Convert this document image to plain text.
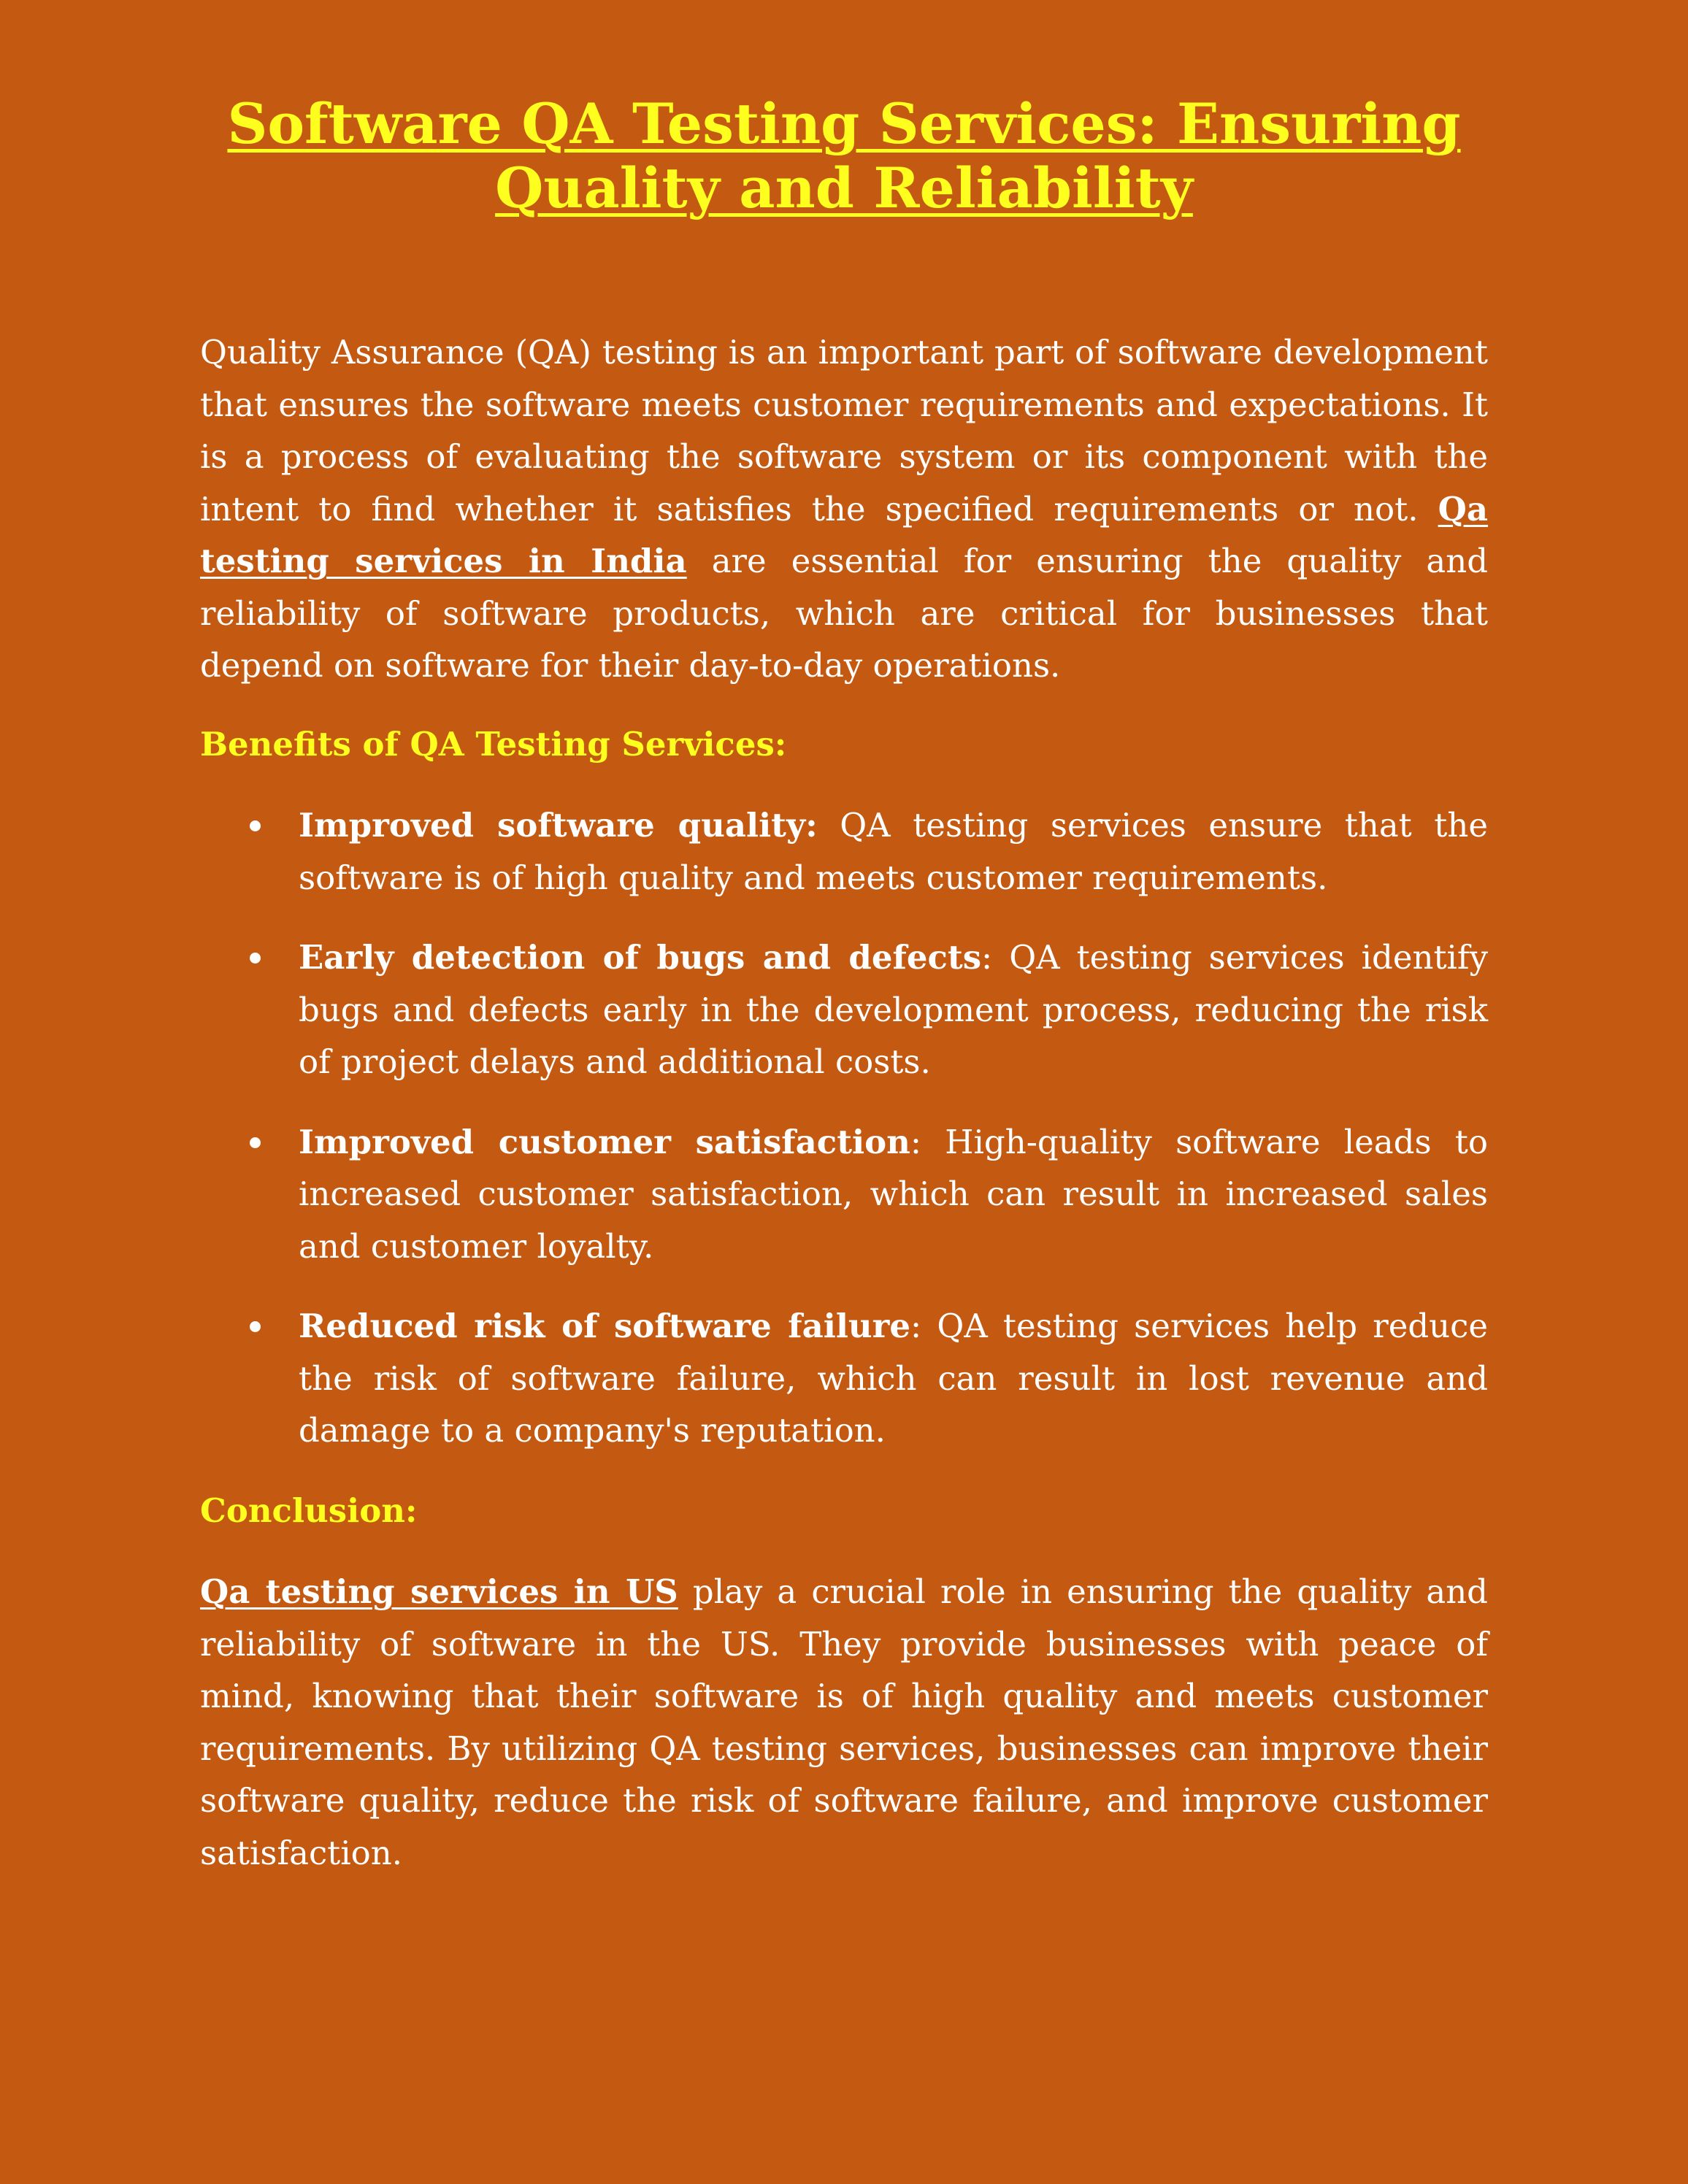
Software QA Testing Services: Ensuring
Quality and Reliability

Quality Assurance (QA) testing is an important part of software development that ensures the software meets customer requirements and expectations. It is a process of evaluating the software system or its component with the intent to find whether it satisfies the specified requirements or not. Qa testing services in India are essential for ensuring the quality and reliability of software products, which are critical for businesses that depend on software for their day-to-day operations.

Benefits of QA Testing Services:
Improved software quality: QA testing services ensure that the software is of high quality and meets customer requirements.
Early detection of bugs and defects: QA testing services identify bugs and defects early in the development process, reducing the risk of project delays and additional costs.
Improved customer satisfaction: High-quality software leads to increased customer satisfaction, which can result in increased sales and customer loyalty.
Reduced risk of software failure: QA testing services help reduce the risk of software failure, which can result in lost revenue and damage to a company's reputation.
Conclusion:

Qa testing services in US play a crucial role in ensuring the quality and reliability of software in the US. They provide businesses with peace of mind, knowing that their software is of high quality and meets customer requirements. By utilizing QA testing services, businesses can improve their software quality, reduce the risk of software failure, and improve customer satisfaction.
